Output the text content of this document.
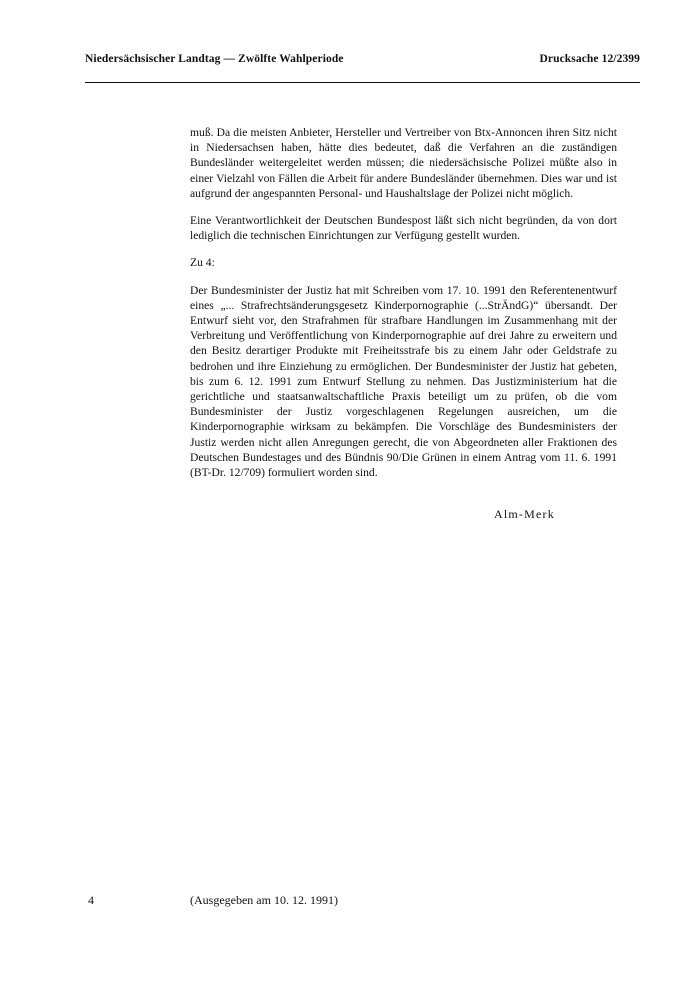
Niedersächsischer Landtag — Zwölfte Wahlperiode	Drucksache 12/2399

muß. Da die meisten Anbieter, Hersteller und Vertreiber von Btx-Annoncen ihren Sitz nicht in Niedersachsen haben, hätte dies bedeutet, daß die Verfahren an die zuständigen Bundesländer weitergeleitet werden müssen; die niedersächsische Polizei müßte also in einer Vielzahl von Fällen die Arbeit für andere Bundesländer übernehmen. Dies war und ist aufgrund der angespannten Personal- und Haushaltslage der Polizei nicht möglich.

Eine Verantwortlichkeit der Deutschen Bundespost läßt sich nicht begründen, da von dort lediglich die technischen Einrichtungen zur Verfügung gestellt wurden.

Zu 4:

Der Bundesminister der Justiz hat mit Schreiben vom 17. 10. 1991 den Referentenentwurf eines „... Strafrechtsänderungsgesetz Kinderpornographie (...StrÄndG)“ übersandt. Der Entwurf sieht vor, den Strafrahmen für strafbare Handlungen im Zusammenhang mit der Verbreitung und Veröffentlichung von Kinderpornographie auf drei Jahre zu erweitern und den Besitz derartiger Produkte mit Freiheitsstrafe bis zu einem Jahr oder Geldstrafe zu bedrohen und ihre Einziehung zu ermöglichen. Der Bundesminister der Justiz hat gebeten, bis zum 6. 12. 1991 zum Entwurf Stellung zu nehmen. Das Justizministerium hat die gerichtliche und staatsanwaltschaftliche Praxis beteiligt um zu prüfen, ob die vom Bundesminister der Justiz vorgeschlagenen Regelungen ausreichen, um die Kinderpornographie wirksam zu bekämpfen. Die Vorschläge des Bundesministers der Justiz werden nicht allen Anregungen gerecht, die von Abgeordneten aller Fraktionen des Deutschen Bundestages und des Bündnis 90/Die Grünen in einem Antrag vom 11. 6. 1991 (BT-Dr. 12/709) formuliert worden sind.

Alm-Merk
4	(Ausgegeben am 10. 12. 1991)
